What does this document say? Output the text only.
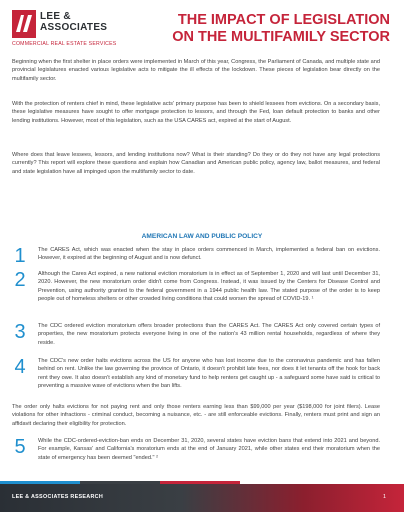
LEE &
ASSOCIATES
COMMERCIAL REAL ESTATE SERVICES
THE IMPACT OF LEGISLATION ON THE MULTIFAMILY SECTOR

Beginning when the first shelter in place orders were implemented in March of this year, Congress, the Parliament of Canada, and multiple state and provincial legislatures enacted various legislative acts to mitigate the ill effects of the lockdown. These pieces of legislation bear directly on the multifamily sector.

With the protection of renters chief in mind, these legislative acts' primary purpose has been to shield lessees from evictions. On a secondary basis, these legislative measures have sought to offer mortgage protection to lessors, and through the Fed, loan default protection to banks and other lending institutions. However, most of this legislation, such as the USA CARES act, expired at the start of August.

Where does that leave lessees, lessors, and lending institutions now? What is their standing? Do they or do they not have any legal protections currently? This report will explore these questions and explain how Canadian and American public policy, agency law, ballot measures, and federal and state legislation have all impinged upon the multifamily sector to date.

AMERICAN LAW AND PUBLIC POLICY
1	The CARES Act, which was enacted when the stay in place orders commenced in March, implemented a federal ban on evictions. However, it expired at the beginning of August and is now defunct.

2	Although the Cares Act expired, a new national eviction moratorium is in effect as of September 1, 2020 and will last until December 31, 2020. However, the new moratorium order didn't come from Congress. Instead, it was issued by the Centers for Disease Control and Prevention, using authority granted to the federal government in a 1944 public health law. The stated purpose of the order is to keep people out of homeless shelters or other crowded living conditions that could worsen the spread of COVID-19. ¹

3	The CDC ordered eviction moratorium offers broader protections than the CARES Act. The CARES Act only covered certain types of properties, the new moratorium protects everyone living in one of the nation's 43 million rental households, regardless of where they reside.

4	The CDC's new order halts evictions across the US for anyone who has lost income due to the coronavirus pandemic and has fallen behind on rent. Unlike the law governing the province of Ontario, it doesn't prohibit late fees, nor does it let tenants off the hook for back rent they owe. It also doesn't establish any kind of monetary fund to help renters get caught up - a safeguard some have said is critical to preventing a massive wave of evictions when the ban lifts.

The order only halts evictions for not paying rent and only those renters earning less than $99,000 per year ($198,000 for joint filers). Lease violations for other infractions - criminal conduct, becoming a nuisance, etc. - are still enforceable evictions. Finally, renters must print and sign an affidavit declaring their eligibility for protection.

5	While the CDC-ordered-eviction-ban ends on December 31, 2020, several states have eviction bans that extend into 2021 and beyond. For example, Kansas' and California's moratorium ends at the end of January 2021, while other states end their moratorium when the state of emergency has been deemed "ended." ²

LEE & ASSOCIATES RESEARCH	1
